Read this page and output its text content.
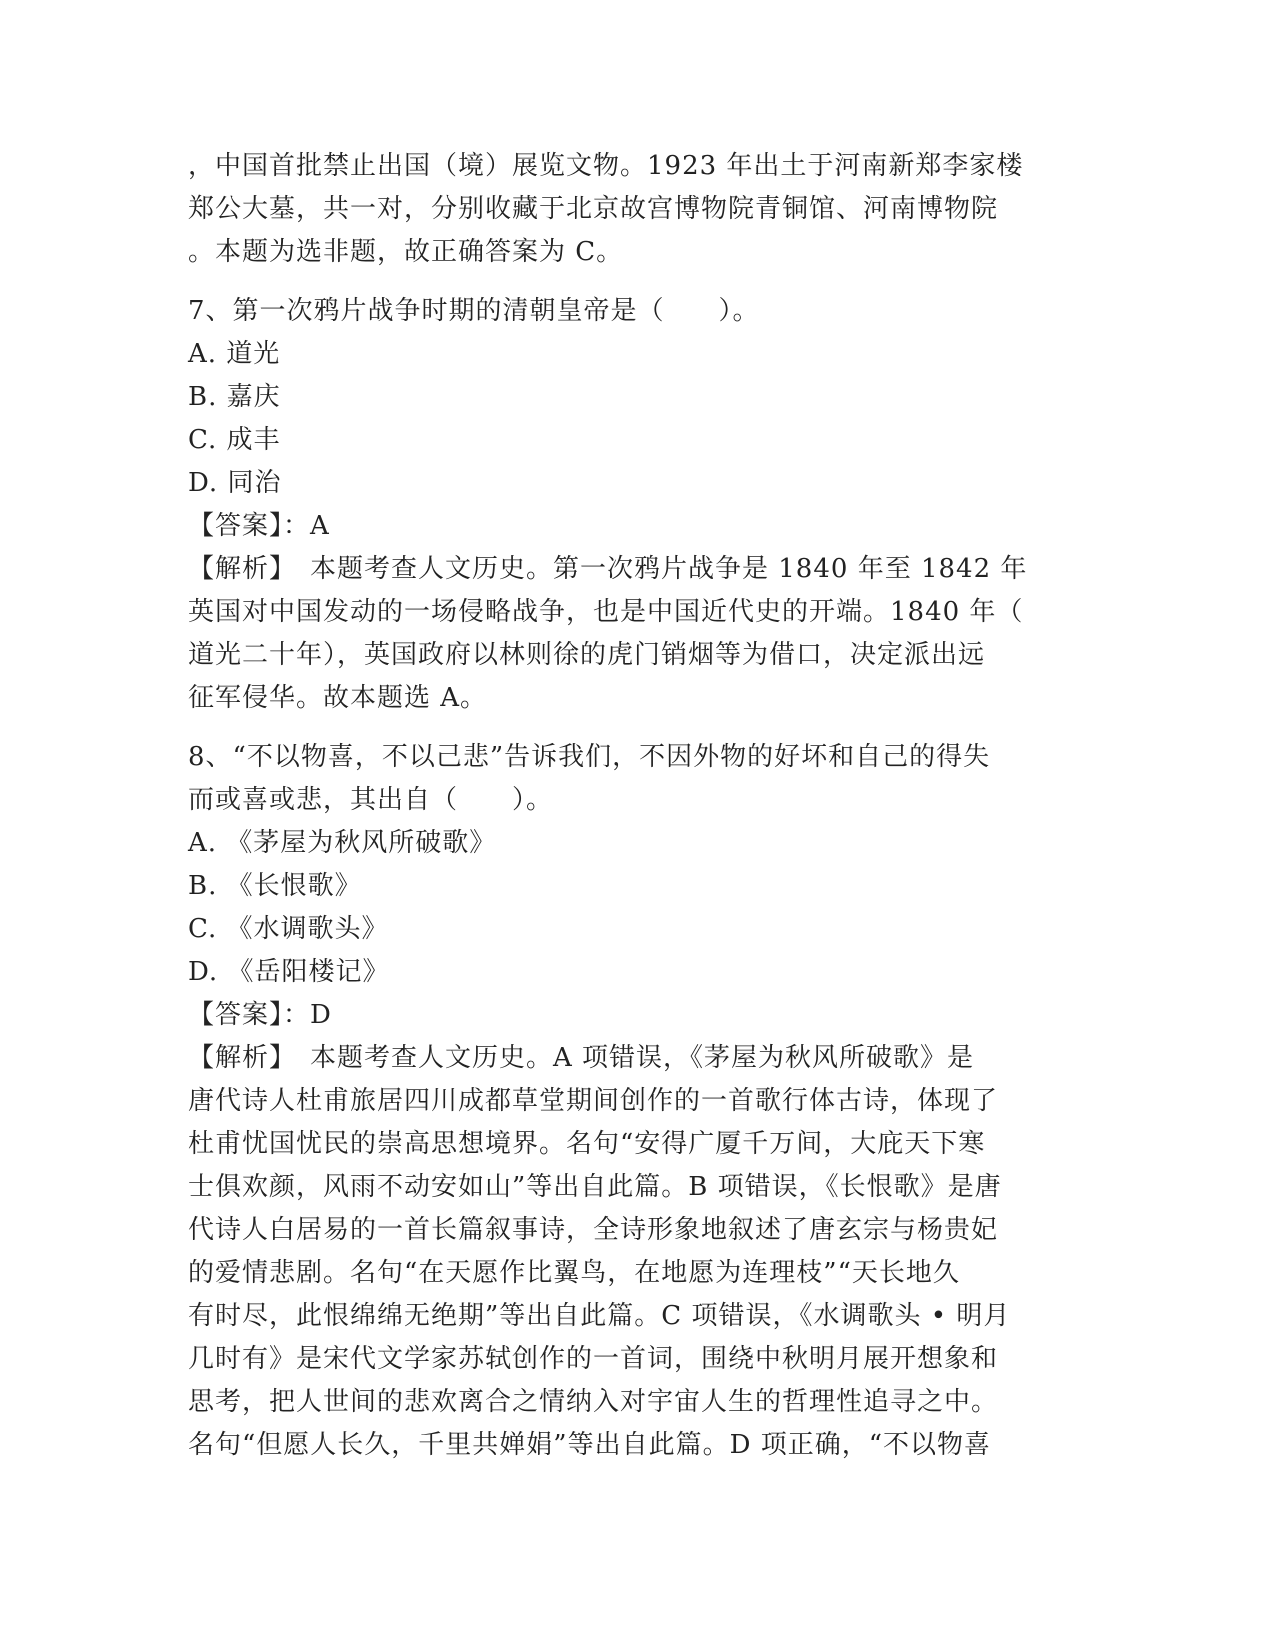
，中国首批禁止出国（境）展览文物。1923 年出土于河南新郑李家楼
郑公大墓，共一对，分别收藏于北京故宫博物院青铜馆、河南博物院
。本题为选非题，故正确答案为 C。
7、第一次鸦片战争时期的清朝皇帝是（　　）。
A. 道光
B. 嘉庆
C. 成丰
D. 同治
【答案】：A
【解析】　本题考查人文历史。第一次鸦片战争是 1840 年至 1842 年
英国对中国发动的一场侵略战争，也是中国近代史的开端。1840 年（
道光二十年），英国政府以林则徐的虎门销烟等为借口，决定派出远
征军侵华。故本题选 A。
8、“不以物喜，不以己悲”告诉我们，不因外物的好坏和自己的得失
而或喜或悲，其出自（　　）。
A. 《茅屋为秋风所破歌》
B. 《长恨歌》
C. 《水调歌头》
D. 《岳阳楼记》
【答案】：D
【解析】　本题考查人文历史。A 项错误，《茅屋为秋风所破歌》是
唐代诗人杜甫旅居四川成都草堂期间创作的一首歌行体古诗，体现了
杜甫忧国忧民的崇高思想境界。名句“安得广厦千万间，大庇天下寒
士俱欢颜，风雨不动安如山”等出自此篇。B 项错误，《长恨歌》是唐
代诗人白居易的一首长篇叙事诗，全诗形象地叙述了唐玄宗与杨贵妃
的爱情悲剧。名句“在天愿作比翼鸟，在地愿为连理枝”“天长地久
有时尽，此恨绵绵无绝期”等出自此篇。C 项错误，《水调歌头 • 明月
几时有》是宋代文学家苏轼创作的一首词，围绕中秋明月展开想象和
思考，把人世间的悲欢离合之情纳入对宇宙人生的哲理性追寻之中。
名句“但愿人长久，千里共婵娟”等出自此篇。D 项正确，“不以物喜
